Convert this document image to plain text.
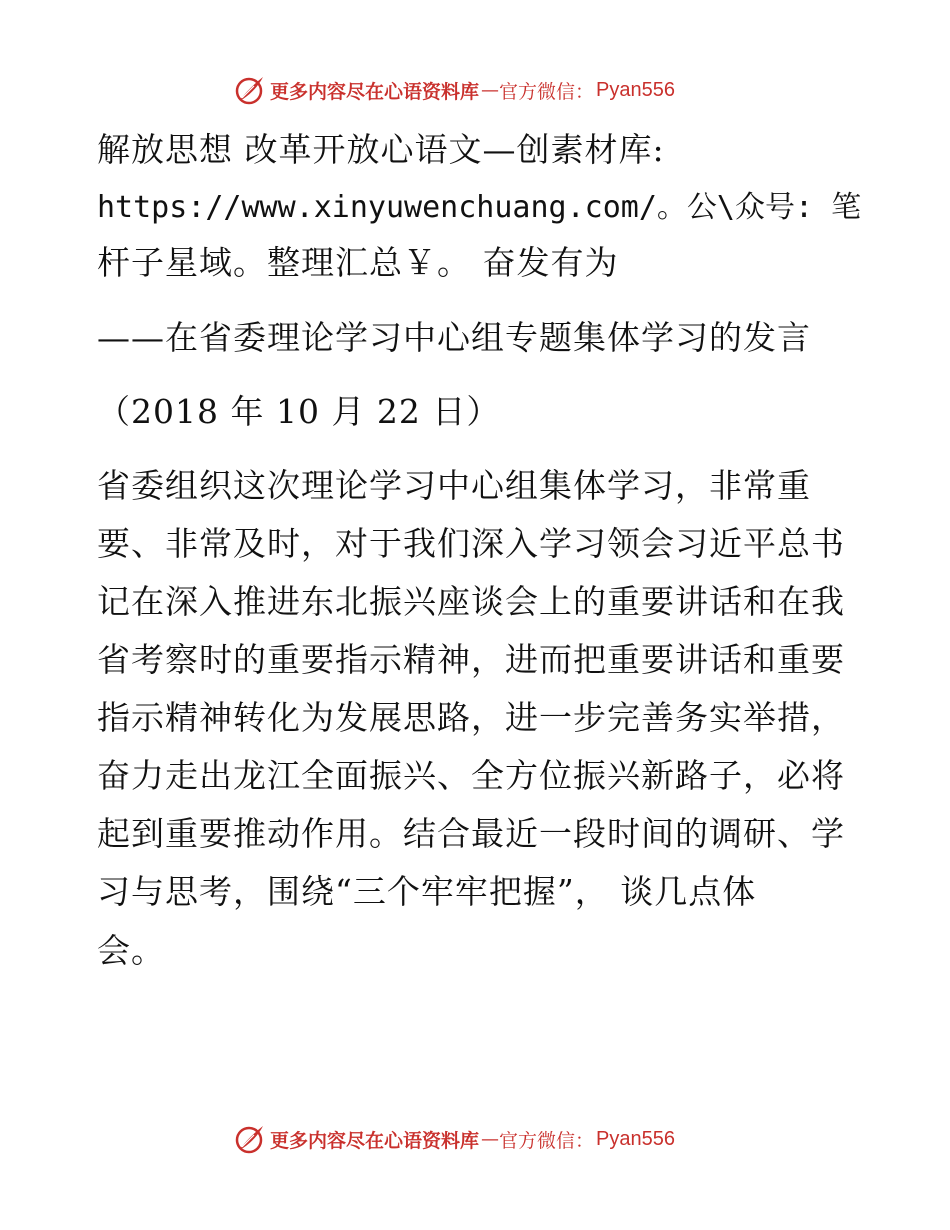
更多内容尽在心语资料库 — 官方微信： Pyan556
解放思想 改革开放心语文—创素材库:
https://www.xinyuwenchuang.com/。公\众号: 笔
杆子星域。整理汇总￥。 奋发有为
——在省委理论学习中心组专题集体学习的发言
（2018 年 10 月 22 日）
省委组织这次理论学习中心组集体学习，非常重
要、非常及时，对于我们深入学习领会习近平总书
记在深入推进东北振兴座谈会上的重要讲话和在我
省考察时的重要指示精神，进而把重要讲话和重要
指示精神转化为发展思路，进一步完善务实举措，
奋力走出龙江全面振兴、全方位振兴新路子，必将
起到重要推动作用。结合最近一段时间的调研、学
习与思考，围绕“三个牢牢把握”， 谈几点体
会。
更多内容尽在心语资料库 — 官方微信： Pyan556
